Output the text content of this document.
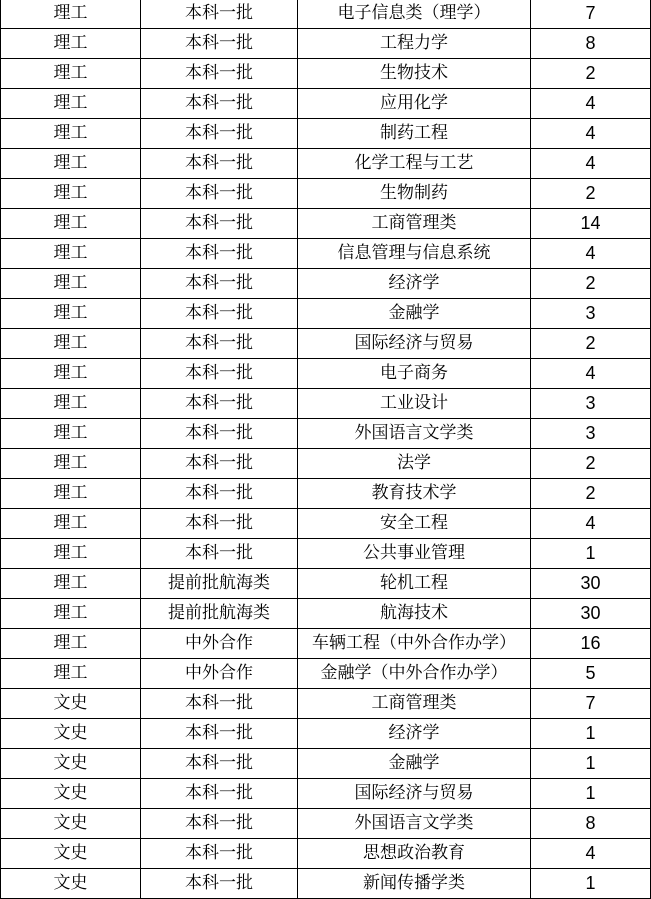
理工	本科一批	电子信息类（理学）	7
理工	本科一批	工程力学	8
理工	本科一批	生物技术	2
理工	本科一批	应用化学	4
理工	本科一批	制药工程	4
理工	本科一批	化学工程与工艺	4
理工	本科一批	生物制药	2
理工	本科一批	工商管理类	14
理工	本科一批	信息管理与信息系统	4
理工	本科一批	经济学	2
理工	本科一批	金融学	3
理工	本科一批	国际经济与贸易	2
理工	本科一批	电子商务	4
理工	本科一批	工业设计	3
理工	本科一批	外国语言文学类	3
理工	本科一批	法学	2
理工	本科一批	教育技术学	2
理工	本科一批	安全工程	4
理工	本科一批	公共事业管理	1
理工	提前批航海类	轮机工程	30
理工	提前批航海类	航海技术	30
理工	中外合作	车辆工程（中外合作办学）	16
理工	中外合作	金融学（中外合作办学）	5
文史	本科一批	工商管理类	7
文史	本科一批	经济学	1
文史	本科一批	金融学	1
文史	本科一批	国际经济与贸易	1
文史	本科一批	外国语言文学类	8
文史	本科一批	思想政治教育	4
文史	本科一批	新闻传播学类	1
